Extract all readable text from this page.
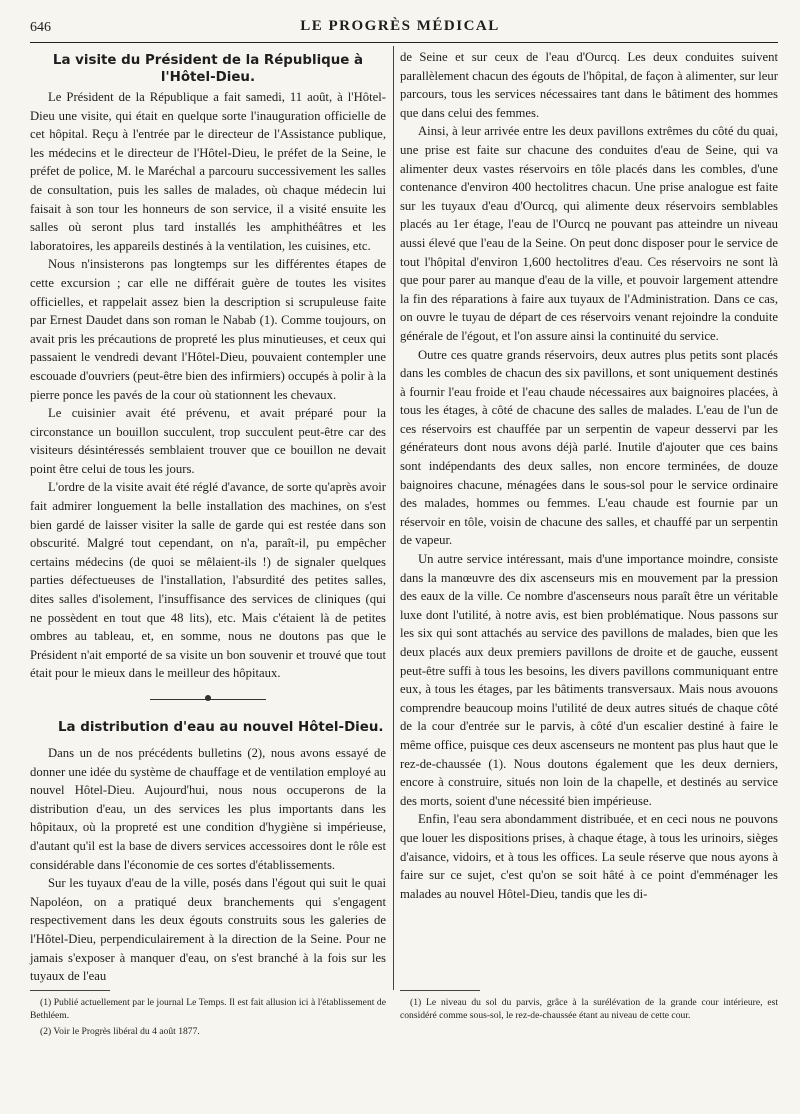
646	LE PROGRÈS MÉDICAL
La visite du Président de la République à l'Hôtel-Dieu.

Le Président de la République a fait samedi, 11 août, à l'Hôtel-Dieu une visite, qui était en quelque sorte l'inauguration officielle de cet hôpital. Reçu à l'entrée par le directeur de l'Assistance publique, les médecins et le directeur de l'Hôtel-Dieu, le préfet de la Seine, le préfet de police, M. le Maréchal a parcouru successivement les salles de consultation, puis les salles de malades, où chaque médecin lui faisait à son tour les honneurs de son service, il a visité ensuite les salles où seront plus tard installés les amphithéâtres et les laboratoires, les appareils destinés à la ventilation, les cuisines, etc.

Nous n'insisterons pas longtemps sur les différentes étapes de cette excursion ; car elle ne différait guère de toutes les visites officielles, et rappelait assez bien la description si scrupuleuse faite par Ernest Daudet dans son roman le Nabab (1). Comme toujours, on avait pris les précautions de propreté les plus minutieuses, et ceux qui passaient le vendredi devant l'Hôtel-Dieu, pouvaient contempler une escouade d'ouvriers (peut-être bien des infirmiers) occupés à polir à la pierre ponce les pavés de la cour où stationnent les chevaux.

Le cuisinier avait été prévenu, et avait préparé pour la circonstance un bouillon succulent, trop succulent peut-être car des visiteurs désintéressés semblaient trouver que ce bouillon ne devait point être celui de tous les jours.

L'ordre de la visite avait été réglé d'avance, de sorte qu'après avoir fait admirer longuement la belle installation des machines, on s'est bien gardé de laisser visiter la salle de garde qui est restée dans son obscurité. Malgré tout cependant, on n'a, paraît-il, pu empêcher certains médecins (de quoi se mêlaient-ils !) de signaler quelques parties défectueuses de l'installation, l'absurdité des petites salles, dites salles d'isolement, l'insuffisance des services de cliniques (qui ne possèdent en tout que 48 lits), etc. Mais c'étaient là de petites ombres au tableau, et, en somme, nous ne doutons pas que le Président n'ait emporté de sa visite un bon souvenir et trouvé que tout était pour le mieux dans le meilleur des hôpitaux.

La distribution d'eau au nouvel Hôtel-Dieu.

Dans un de nos précédents bulletins (2), nous avons essayé de donner une idée du système de chauffage et de ventilation employé au nouvel Hôtel-Dieu. Aujourd'hui, nous nous occuperons de la distribution d'eau, un des services les plus importants dans les hôpitaux, où la propreté est une condition d'hygiène si impérieuse, d'autant qu'il est la base de divers services accessoires dont le rôle est considérable dans l'économie de ces sortes d'établissements.

Sur les tuyaux d'eau de la ville, posés dans l'égout qui suit le quai Napoléon, on a pratiqué deux branchements qui s'engagent respectivement dans les deux égouts construits sous les galeries de l'Hôtel-Dieu, perpendiculairement à la direction de la Seine. Pour ne jamais s'exposer à manquer d'eau, on s'est branché à la fois sur les tuyaux de l'eau

de Seine et sur ceux de l'eau d'Ourcq. Les deux conduites suivent parallèlement chacun des égouts de l'hôpital, de façon à alimenter, sur leur parcours, tous les services nécessaires tant dans le bâtiment des hommes que dans celui des femmes.

Ainsi, à leur arrivée entre les deux pavillons extrêmes du côté du quai, une prise est faite sur chacune des conduites d'eau de Seine, qui va alimenter deux vastes réservoirs en tôle placés dans les combles, d'une contenance d'environ 400 hectolitres chacun. Une prise analogue est faite sur les tuyaux d'eau d'Ourcq, qui alimente deux réservoirs semblables placés au 1er étage, l'eau de l'Ourcq ne pouvant pas atteindre un niveau aussi élevé que l'eau de la Seine. On peut donc disposer pour le service de tout l'hôpital d'environ 1,600 hectolitres d'eau. Ces réservoirs ne sont là que pour parer au manque d'eau de la ville, et pouvoir largement attendre la fin des réparations à faire aux tuyaux de l'Administration. Dans ce cas, on ouvre le tuyau de départ de ces réservoirs venant rejoindre la conduite générale de l'égout, et l'on assure ainsi la continuité du service.

Outre ces quatre grands réservoirs, deux autres plus petits sont placés dans les combles de chacun des six pavillons, et sont uniquement destinés à fournir l'eau froide et l'eau chaude nécessaires aux baignoires placées, à tous les étages, à côté de chacune des salles de malades. L'eau de l'un de ces réservoirs est chauffée par un serpentin de vapeur desservi par les générateurs dont nous avons déjà parlé. Inutile d'ajouter que ces bains sont indépendants des deux salles, non encore terminées, de douze baignoires chacune, ménagées dans le sous-sol pour le service ordinaire des malades, hommes ou femmes. L'eau chaude est fournie par un réservoir en tôle, voisin de chacune des salles, et chauffé par un serpentin de vapeur.

Un autre service intéressant, mais d'une importance moindre, consiste dans la manœuvre des dix ascenseurs mis en mouvement par la pression des eaux de la ville. Ce nombre d'ascenseurs nous paraît être un véritable luxe dont l'utilité, à notre avis, est bien problématique. Nous passons sur les six qui sont attachés au service des pavillons de malades, bien que les deux placés aux deux premiers pavillons de droite et de gauche, eussent peut-être suffi à tous les besoins, les divers pavillons communiquant entre eux, à tous les étages, par les bâtiments transversaux. Mais nous avouons comprendre beaucoup moins l'utilité de deux autres situés de chaque côté de la cour d'entrée sur le parvis, à côté d'un escalier destiné à faire le même office, puisque ces deux ascenseurs ne montent pas plus haut que le rez-de-chaussée (1). Nous doutons également que les deux derniers, encore à construire, situés non loin de la chapelle, et destinés au service des morts, soient d'une nécessité bien impérieuse.

Enfin, l'eau sera abondamment distribuée, et en ceci nous ne pouvons que louer les dispositions prises, à chaque étage, à tous les urinoirs, sièges d'aisance, vidoirs, et à tous les offices. La seule réserve que nous ayons à faire sur ce sujet, c'est qu'on se soit hâté à ce point d'emménager les malades au nouvel Hôtel-Dieu, tandis que les di-

(1) Publié actuellement par le journal Le Temps. Il est fait allusion ici à l'établissement de Bethléem.

(2) Voir le Progrès libéral du 4 août 1877.

(1) Le niveau du sol du parvis, grâce à la surélévation de la grande cour intérieure, est considéré comme sous-sol, le rez-de-chaussée étant au niveau de cette cour.
